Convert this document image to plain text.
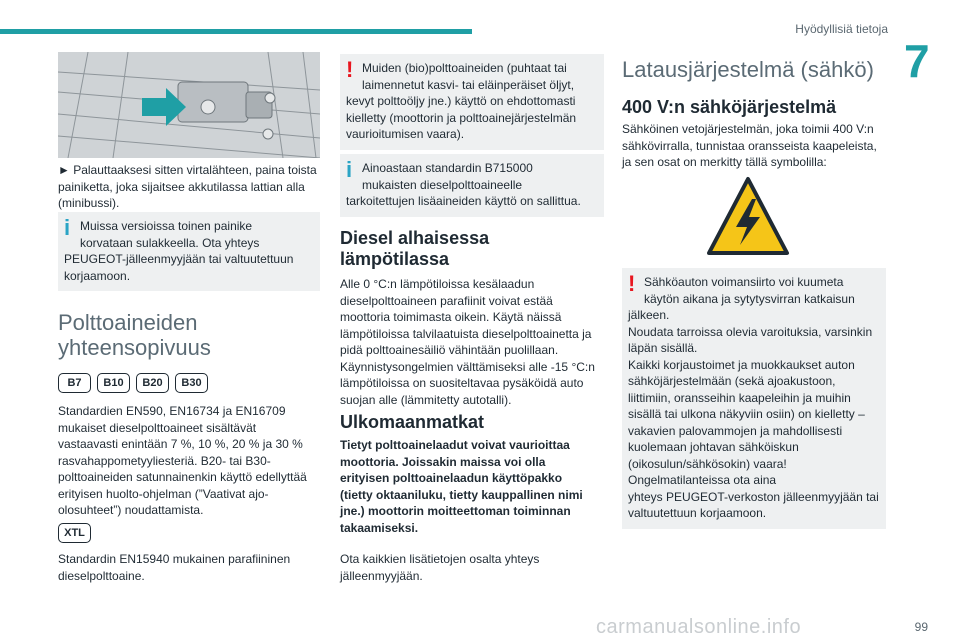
Hyödyllisiä tietoja
7

► Palauttaaksesi sitten virtalähteen, paina toista painiketta, joka sijaitsee akkutilassa lattian alla (minibussi).

i Muissa versioissa toinen painike
korvataan sulakkeella. Ota yhteys
PEUGEOT-jälleenmyyjään tai valtuutettuun korjaamoon.
Polttoaineiden
yhteensopivuus
B7	B10	B20	B30

Standardien EN590, EN16734 ja EN16709 mukaiset dieselpolttoaineet sisältävät vastaavasti enintään 7 %, 10 %, 20 % ja 30 % rasvahappometyyliesteriä. B20- tai B30-polttoaineiden satunnainenkin käyttö edellyttää erityisen huolto-ohjelman (”Vaativat ajo-olosuhteet”) noudattamista.

XTL

Standardin EN15940 mukainen parafiininen dieselpolttoaine.

! Muiden (bio)polttoaineiden (puhtaat tai
laimennetut kasvi- tai eläinperäiset öljyt,
kevyt polttoöljy jne.) käyttö on ehdottomasti kielletty (moottorin ja polttoainejärjestelmän vaurioitumisen vaara).
i Ainoastaan standardin B715000
mukaisten dieselpolttoaineelle
tarkoitettujen lisäaineiden käyttö on sallittua.
Diesel alhaisessa
lämpötilassa

Alle 0 °C:n lämpötiloissa kesälaadun dieselpolttoaineen parafiinit voivat estää moottoria toimimasta oikein. Käytä näissä lämpötiloissa talvilaatuista dieselpolttoainetta ja pidä polttoainesäiliö vähintään puolillaan. Käynnistysongelmien välttämiseksi alle -15 °C:n lämpötiloissa on suositeltavaa pysäköidä auto suojan alle (lämmitetty autotalli).

Ulkomaanmatkat

Tietyt polttoainelaadut voivat vaurioittaa moottoria. Joissakin maissa voi olla erityisen polttoainelaadun käyttöpakko (tietty oktaaniluku, tietty kauppallinen nimi jne.) moottorin moitteettoman toiminnan takaamiseksi.

Ota kaikkien lisätietojen osalta yhteys jälleenmyyjään.

Latausjärjestelmä (sähkö)
400 V:n sähköjärjestelmä

Sähköinen vetojärjestelmän, joka toimii 400 V:n sähkövirralla, tunnistaa oransseista kaapeleista, ja sen osat on merkitty tällä symbolilla:

! Sähköauton voimansiirto voi kuumeta
käytön aikana ja sytytysvirran katkaisun
jälkeen.
Noudata tarroissa olevia varoituksia, varsinkin läpän sisällä.
Kaikki korjaustoimet ja muokkaukset auton sähköjärjestelmään (sekä ajoakustoon, liittimiin, oransseihin kaapeleihin ja muihin sisällä tai ulkona näkyviin osiin) on kielletty – vakavien palovammojen ja mahdollisesti kuolemaan johtavan sähköiskun (oikosulun/sähkösokin) vaara!
Ongelmatilanteissa ota aina
yhteys PEUGEOT-verkoston jälleenmyyjään tai valtuutettuun korjaamoon.
carmanualsonline.info	99
